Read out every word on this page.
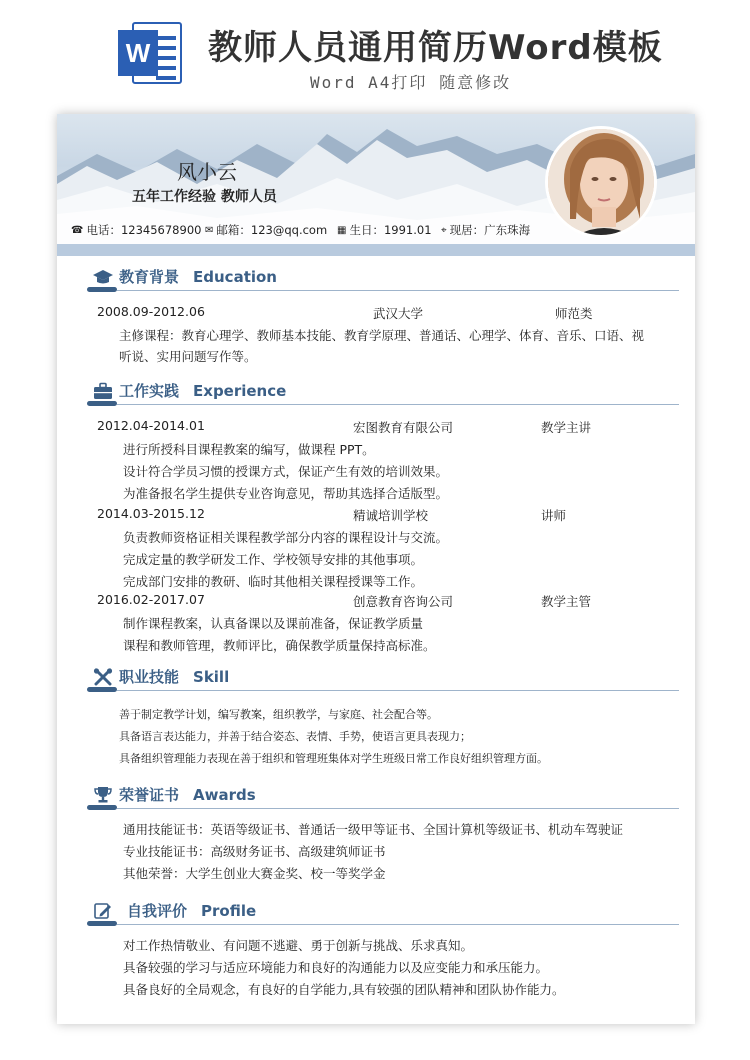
W 教师人员通用简历Word模板
Word A4打印 随意修改
风小云
五年工作经验 教师人员
☎ 电话：12345678900 ✉ 邮箱：123@qq.com ▦ 生日：1991.01 ⌖ 现居：广东珠海
教育背景 Education
2008.09-2012.06	武汉大学	师范类
主修课程：教育心理学、教师基本技能、教育学原理、普通话、心理学、体育、音乐、口语、视
听说、实用问题写作等。
工作实践 Experience
2012.04-2014.01	宏图教育有限公司	教学主讲
进行所授科目课程教案的编写，做课程 PPT。
设计符合学员习惯的授课方式，保证产生有效的培训效果。
为准备报名学生提供专业咨询意见，帮助其选择合适版型。
2014.03-2015.12	精诚培训学校	讲师
负责教师资格证相关课程教学部分内容的课程设计与交流。
完成定量的教学研发工作、学校领导安排的其他事项。
完成部门安排的教研、临时其他相关课程授课等工作。
2016.02-2017.07	创意教育咨询公司	教学主管
制作课程教案，认真备课以及课前准备，保证教学质量
课程和教师管理，教师评比，确保教学质量保持高标准。
职业技能 Skill
善于制定教学计划，编写教案，组织教学，与家庭、社会配合等。
具备语言表达能力，并善于结合姿态、表情、手势，使语言更具表现力；
具备组织管理能力表现在善于组织和管理班集体对学生班级日常工作良好组织管理方面。
荣誉证书 Awards
通用技能证书：英语等级证书、普通话一级甲等证书、全国计算机等级证书、机动车驾驶证
专业技能证书：高级财务证书、高级建筑师证书
其他荣誉：大学生创业大赛金奖、校一等奖学金
自我评价 Profile
对工作热情敬业、有问题不逃避、勇于创新与挑战、乐求真知。
具备较强的学习与适应环境能力和良好的沟通能力以及应变能力和承压能力。
具备良好的全局观念，有良好的自学能力,具有较强的团队精神和团队协作能力。
